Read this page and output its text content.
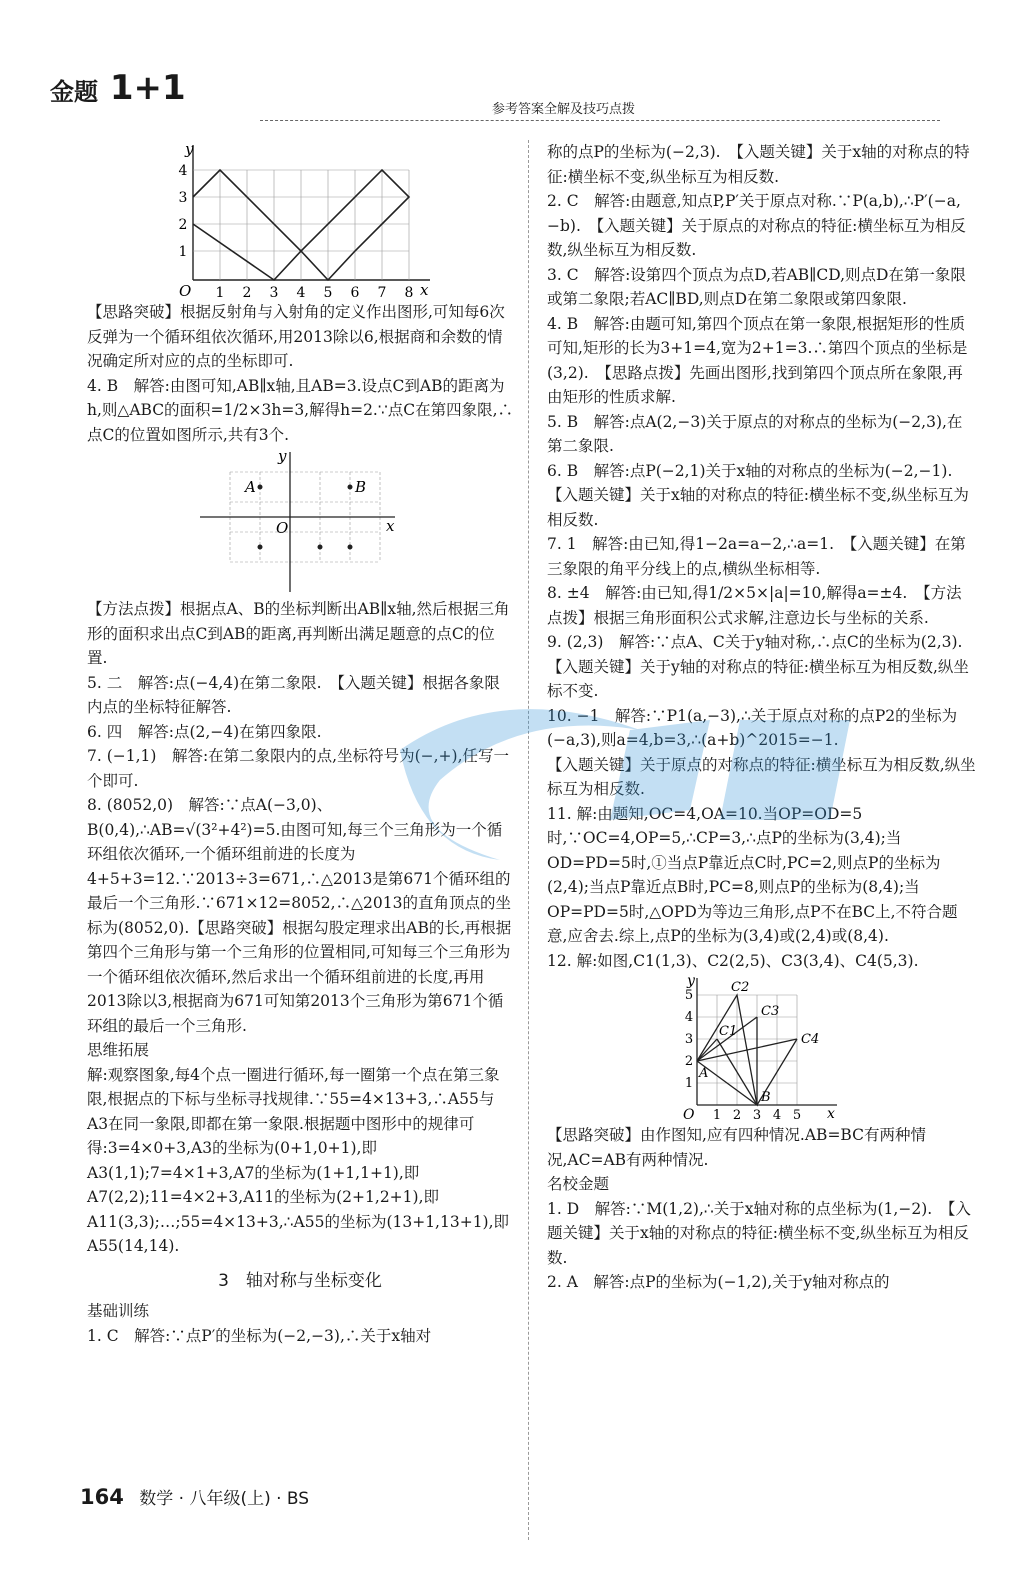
金题 1+1
参考答案全解及技巧点拨
y
x
O 1 2 3 4 5 6 7 8
1
2
3
4

【思路突破】根据反射角与入射角的定义作出图形,可知每6次反弹为一个循环组依次循环,用2013除以6,根据商和余数的情况确定所对应的点的坐标即可.

4. B　解答:由图可知,AB∥x轴,且AB=3.设点C到AB的距离为h,则△ABC的面积=1/2×3h=3,解得h=2.∵点C在第四象限,∴点C的位置如图所示,共有3个.

y
x
O
A	B

【方法点拨】根据点A、B的坐标判断出AB∥x轴,然后根据三角形的面积求出点C到AB的距离,再判断出满足题意的点C的位置.

5. 二　解答:点(−4,4)在第二象限.　【入题关键】根据各象限内点的坐标特征解答.

6. 四　解答:点(2,−4)在第四象限.

7. (−1,1)　解答:在第二象限内的点,坐标符号为(−,+),任写一个即可.

8. (8052,0)　解答:∵点A(−3,0)、B(0,4),∴AB=√(3²+4²)=5.由图可知,每三个三角形为一个循环组依次循环,一个循环组前进的长度为4+5+3=12.∵2013÷3=671,∴△2013是第671个循环组的最后一个三角形.∵671×12=8052,∴△2013的直角顶点的坐标为(8052,0).【思路突破】根据勾股定理求出AB的长,再根据第四个三角形与第一个三角形的位置相同,可知每三个三角形为一个循环组依次循环,然后求出一个循环组前进的长度,再用2013除以3,根据商为671可知第2013个三角形为第671个循环组的最后一个三角形.

思维拓展

解:观察图象,每4个点一圈进行循环,每一圈第一个点在第三象限,根据点的下标与坐标寻找规律.∵55=4×13+3,∴A55与A3在同一象限,即都在第一象限.根据题中图形中的规律可得:3=4×0+3,A3的坐标为(0+1,0+1),即A3(1,1);7=4×1+3,A7的坐标为(1+1,1+1),即A7(2,2);11=4×2+3,A11的坐标为(2+1,2+1),即A11(3,3);…;55=4×13+3,∴A55的坐标为(13+1,13+1),即A55(14,14).

3　轴对称与坐标变化

基础训练

1. C　解答:∵点P′的坐标为(−2,−3),∴关于x轴对

称的点P的坐标为(−2,3).　【入题关键】关于x轴的对称点的特征:横坐标不变,纵坐标互为相反数.

2. C　解答:由题意,知点P,P′关于原点对称.∵P(a,b),∴P′(−a,−b).　【入题关键】关于原点的对称点的特征:横坐标互为相反数,纵坐标互为相反数.

3. C　解答:设第四个顶点为点D,若AB∥CD,则点D在第一象限或第二象限;若AC∥BD,则点D在第二象限或第四象限.

4. B　解答:由题可知,第四个顶点在第一象限,根据矩形的性质可知,矩形的长为3+1=4,宽为2+1=3.∴第四个顶点的坐标是(3,2).　【思路点拨】先画出图形,找到第四个顶点所在象限,再由矩形的性质求解.

5. B　解答:点A(2,−3)关于原点的对称点的坐标为(−2,3),在第二象限.

6. B　解答:点P(−2,1)关于x轴的对称点的坐标为(−2,−1).　【入题关键】关于x轴的对称点的特征:横坐标不变,纵坐标互为相反数.

7. 1　解答:由已知,得1−2a=a−2,∴a=1.　【入题关键】在第三象限的角平分线上的点,横纵坐标相等.

8. ±4　解答:由已知,得1/2×5×|a|=10,解得a=±4.　【方法点拨】根据三角形面积公式求解,注意边长与坐标的关系.

9. (2,3)　解答:∵点A、C关于y轴对称,∴点C的坐标为(2,3).　【入题关键】关于y轴的对称点的特征:横坐标互为相反数,纵坐标不变.

10. −1　解答:∵P1(a,−3),∴关于原点对称的点P2的坐标为(−a,3),则a=4,b=3,∴(a+b)^2015=−1.

【入题关键】关于原点的对称点的特征:横坐标互为相反数,纵坐标互为相反数.

11. 解:由题知,OC=4,OA=10.当OP=OD=5时,∵OC=4,OP=5,∴CP=3,∴点P的坐标为(3,4);当OD=PD=5时,①当点P靠近点C时,PC=2,则点P的坐标为(2,4);当点P靠近点B时,PC=8,则点P的坐标为(8,4);当OP=PD=5时,△OPD为等边三角形,点P不在BC上,不符合题意,应舍去.综上,点P的坐标为(3,4)或(2,4)或(8,4).

12. 解:如图,C1(1,3)、C2(2,5)、C3(3,4)、C4(5,3).

y
x
O 1 2 3 4 5
1
2
3
4
5
C1
C2
C3
C4
A
B

【思路突破】由作图知,应有四种情况.AB=BC有两种情况,AC=AB有两种情况.

名校金题

1. D　解答:∵M(1,2),∴关于x轴对称的点坐标为(1,−2).　【入题关键】关于x轴的对称点的特征:横坐标不变,纵坐标互为相反数.

2. A　解答:点P的坐标为(−1,2),关于y轴对称点的

164 数学 · 八年级(上) · BS
